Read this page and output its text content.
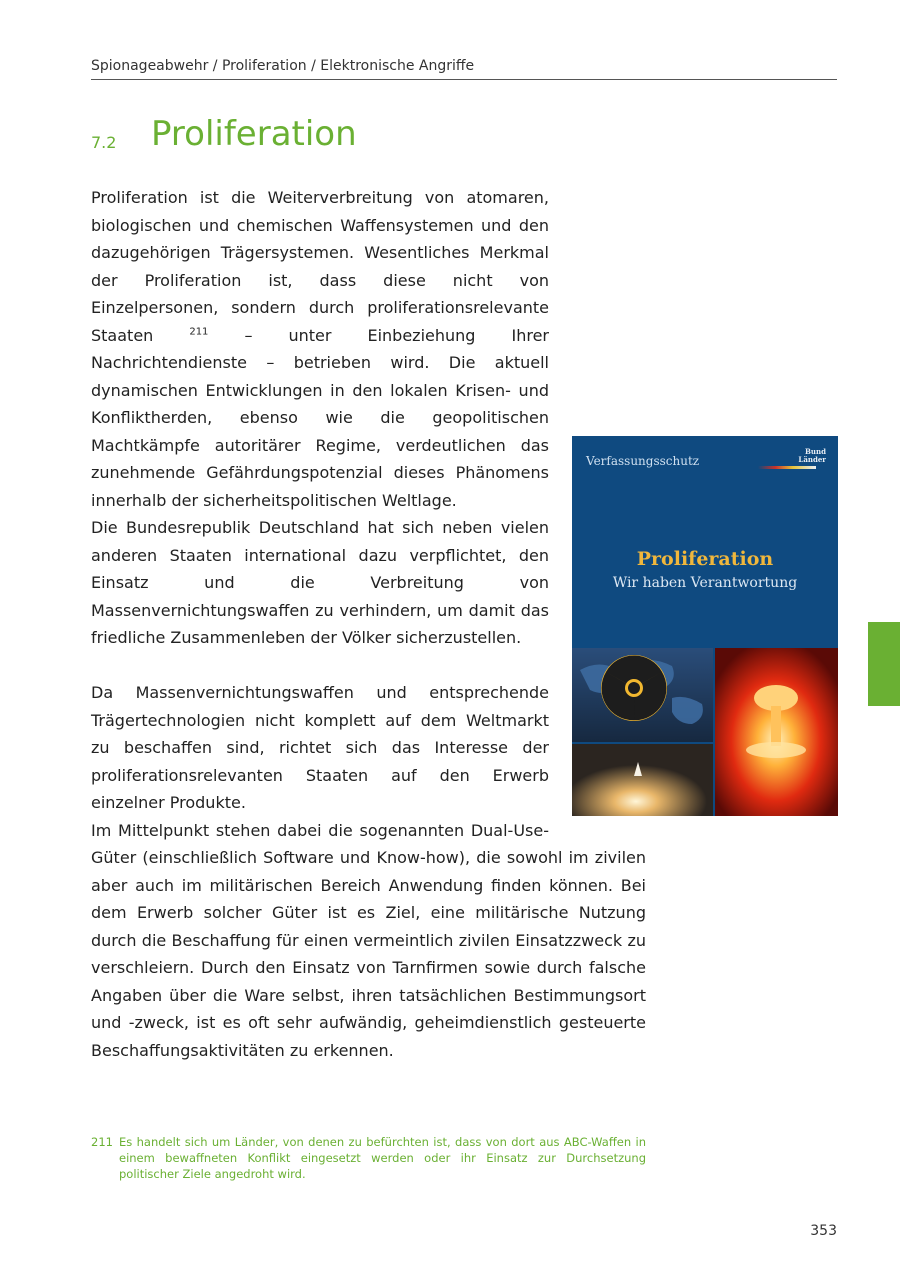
Spionageabwehr / Proliferation / Elektronische Angriffe
7.2 Proliferation

Proliferation ist die Weiterverbreitung von atomaren, biologischen und chemischen Waffensystemen und den dazugehörigen Trägersystemen. Wesentliches Merkmal der Proliferation ist, dass diese nicht von Einzelpersonen, sondern durch proliferationsrelevante Staaten $^{211}$ – unter Einbeziehung Ihrer Nachrichtendienste – betrieben wird. Die aktuell dynamischen Entwicklungen in den lokalen Krisen- und Konfliktherden, ebenso wie die geopolitischen Machtkämpfe autoritärer Regime, verdeutlichen das zunehmende Gefährdungspotenzial dieses Phänomens innerhalb der sicherheitspolitischen Weltlage.

Die Bundesrepublik Deutschland hat sich neben vielen anderen Staaten international dazu verpflichtet, den Einsatz und die Verbreitung von Massenvernichtungswaffen zu verhindern, um damit das friedliche Zusammenleben der Völker sicherzustellen.

Da Massenvernichtungswaffen und entsprechende Trägertechnologien nicht komplett auf dem Weltmarkt zu beschaffen sind, richtet sich das Interesse der proliferationsrelevanten Staaten auf den Erwerb einzelner Produkte.

Im Mittelpunkt stehen dabei die sogenannten Dual-Use-Güter (einschließlich Software und Know-how), die sowohl im zivilen aber auch im militärischen Bereich Anwendung finden können. Bei dem Erwerb solcher Güter ist es Ziel, eine militärische Nutzung durch die Beschaffung für einen vermeintlich zivilen Einsatzzweck zu verschleiern. Durch den Einsatz von Tarnfirmen sowie durch falsche Angaben über die Ware selbst, ihren tatsächlichen Bestimmungsort und -zweck, ist es oft sehr aufwändig, geheimdienstlich gesteuerte Beschaffungsaktivitäten zu erkennen.

Verfassungsschutz
Bund
Länder
Proliferation
Wir haben Verantwortung
211 Es handelt sich um Länder, von denen zu befürchten ist, dass von dort aus ABC-Waffen in einem bewaffneten Konflikt eingesetzt werden oder ihr Einsatz zur Durchsetzung politischer Ziele angedroht wird.
353
